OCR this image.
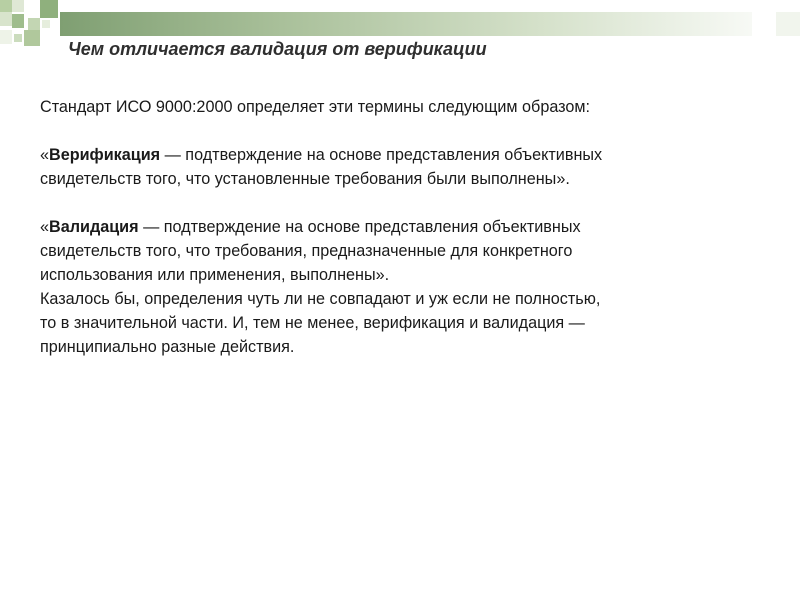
Чем отличается валидация от верификации

Стандарт ИСО 9000:2000 определяет эти термины следующим образом:

«Верификация — подтверждение на основе представления объективных

свидетельств того, что установленные требования были выполнены».

«Валидация — подтверждение на основе представления объективных

свидетельств того, что требования, предназначенные для конкретного

использования или применения, выполнены».

Казалось бы, определения чуть ли не совпадают и уж если не полностью,

то в значительной части. И, тем не менее, верификация и валидация —

принципиально разные действия.
